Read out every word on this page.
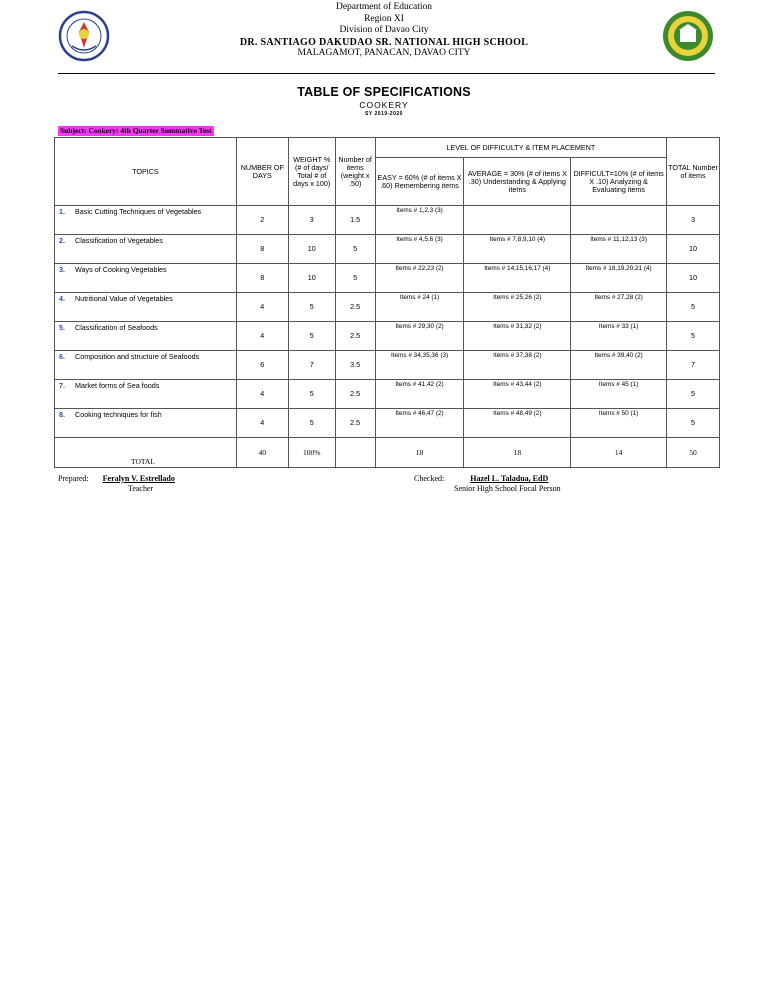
Department of Education
Region XI
Division of Davao City
DR. SANTIAGO DAKUDAO SR. NATIONAL HIGH SCHOOL
MALAGAMOT, PANACAN, DAVAO CITY
TABLE OF SPECIFICATIONS
COOKERY
SY 2019-2020
Subject: Cookery: 4th Quarter Summative Test
TOPICS	NUMBER OF DAYS	WEIGHT % (# of days/ Total # of days x 100)	Number of items (weight x .50)	LEVEL OF DIFFICULTY & ITEM PLACEMENT			TOTAL Number of items
				EASY = 60% (# of items X .60) Remembering items	AVERAGE = 30% (# of items X .30) Understanding & Applying items	DIFFICULT=10% (# of items X .10) Analyzing & Evaluating items	
1. Basic Cutting Techniques of Vegetables	2	3	1.5	Items # 1,2,3 (3)			3
2. Classification of Vegetables	8	10	5	Items # 4,5,6 (3)	Items # 7,8,9,10 (4)	Items # 11,12,13 (3)	10
3. Ways of Cooking Vegetables	8	10	5	Items # 22,23 (2)	Items # 14,15,16,17 (4)	Items # 18,19,20,21 (4)	10
4. Nutritional Value of Vegetables	4	5	2.5	Items # 24 (1)	Items # 25,26 (2)	Items # 27,28 (2)	5
5. Classification of Seafoods	4	5	2.5	Items # 29,30 (2)	Items # 31,32 (2)	Items # 33 (1)	5
6. Composition and structure of Seafoods	6	7	3.5	Items # 34,35,36 (3)	Items # 37,38 (2)	Items # 39,40 (2)	7
7. Market forms of Sea foods	4	5	2.5	Items # 41,42 (2)	Items # 43,44 (2)	Items # 45 (1)	5
8. Cooking techniques for fish	4	5	2.5	Items # 46,47 (2)	Items # 48,49 (2)	Items # 50 (1)	5
TOTAL	40	100%		18	18	14	50
Prepared: Feralyn V. Estrellado
Teacher
Checked:	Hazel L. Taladua, EdD
Senior High School Focal Person
